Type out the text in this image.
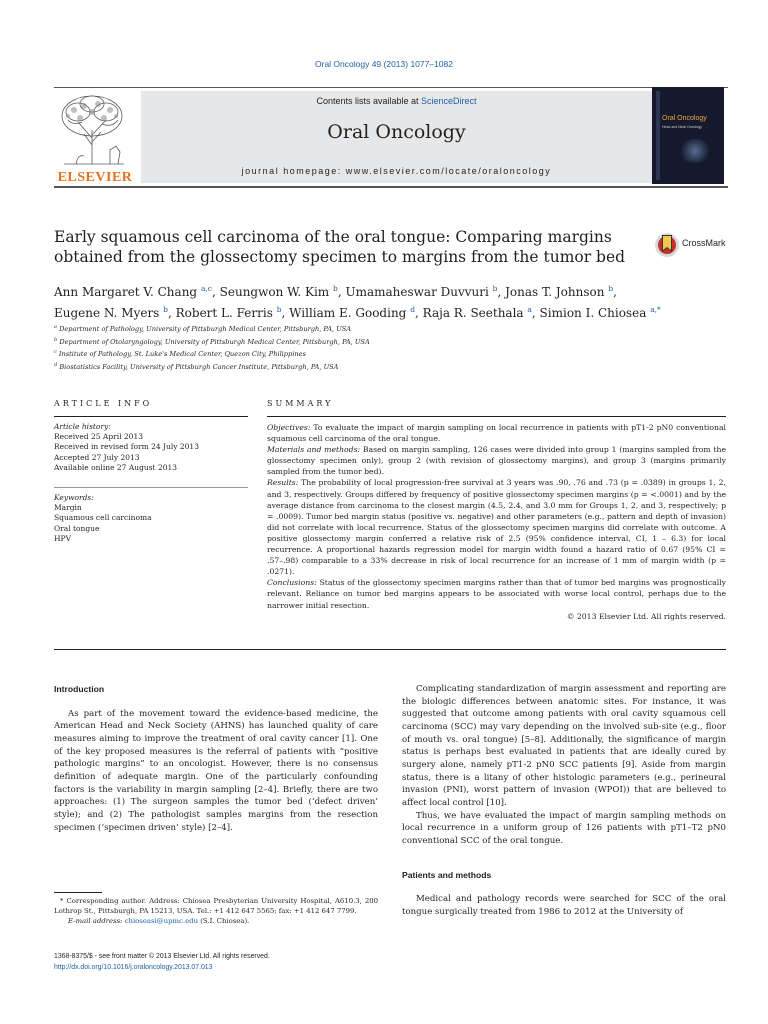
Oral Oncology 49 (2013) 1077–1082
ELSEVIER
Contents lists available at ScienceDirect
Oral Oncology
journal homepage: www.elsevier.com/locate/oraloncology
Oral Oncology
Head and Neck Oncology
Early squamous cell carcinoma of the oral tongue: Comparing margins obtained from the glossectomy specimen to margins from the tumor bed
CrossMark
Ann Margaret V. Chang $^{a,c}$, Seungwon W. Kim $^b$, Umamaheswar Duvvuri $^b$, Jonas T. Johnson $^b$,
Eugene N. Myers $^b$, Robert L. Ferris $^b$, William E. Gooding $^d$, Raja R. Seethala $^a$, Simion I. Chiosea $^{a,*}$
$^a$ Department of Pathology, University of Pittsburgh Medical Center, Pittsburgh, PA, USA
$^b$ Department of Otolaryngology, University of Pittsburgh Medical Center, Pittsburgh, PA, USA
$^c$ Institute of Pathology, St. Luke's Medical Center, Quezon City, Philippines
$^d$ Biostatistics Facility, University of Pittsburgh Cancer Institute, Pittsburgh, PA, USA
ARTICLE INFO
Article history:
Received 25 April 2013
Received in revised form 24 July 2013
Accepted 27 July 2013
Available online 27 August 2013
Keywords:
Margin
Squamous cell carcinoma
Oral tongue
HPV
SUMMARY
Objectives: To evaluate the impact of margin sampling on local recurrence in patients with pT1-2 pN0 conventional squamous cell carcinoma of the oral tongue.
Materials and methods: Based on margin sampling, 126 cases were divided into group 1 (margins sampled from the glossectomy specimen only), group 2 (with revision of glossectomy margins), and group 3 (margins primarily sampled from the tumor bed).
Results: The probability of local progression-free survival at 3 years was .90, .76 and .73 (p = .0389) in groups 1, 2, and 3, respectively. Groups differed by frequency of positive glossectomy specimen margins (p = <.0001) and by the average distance from carcinoma to the closest margin (4.5, 2.4, and 3.0 mm for Groups 1, 2, and 3, respectively; p = .0009). Tumor bed margin status (positive vs. negative) and other parameters (e.g., pattern and depth of invasion) did not correlate with local recurrence. Status of the glossectomy specimen margins did correlate with outcome. A positive glossectomy margin conferred a relative risk of 2.5 (95% confidence interval, CI, 1 – 6.3) for local recurrence. A proportional hazards regression model for margin width found a hazard ratio of 0.67 (95% CI = .57–.98) comparable to a 33% decrease in risk of local recurrence for an increase of 1 mm of margin width (p = .0271).
Conclusions: Status of the glossectomy specimen margins rather than that of tumor bed margins was prognostically relevant. Reliance on tumor bed margins appears to be associated with worse local control, perhaps due to the narrower initial resection.
© 2013 Elsevier Ltd. All rights reserved.

Introduction

As part of the movement toward the evidence-based medicine, the American Head and Neck Society (AHNS) has launched quality of care measures aiming to improve the treatment of oral cavity cancer [1]. One of the key proposed measures is the referral of patients with “positive pathologic margins” to an oncologist. However, there is no consensus definition of adequate margin. One of the particularly confounding factors is the variability in margin sampling [2–4]. Briefly, there are two approaches: (1) The surgeon samples the tumor bed (‘defect driven’ style); and (2) The pathologist samples margins from the resection specimen (‘specimen driven’ style) [2–4].

* Corresponding author. Address: Chiosea Presbyterian University Hospital, A610.3, 200 Lothrop St., Pittsburgh, PA 15213, USA. Tel.: +1 412 647 5565; fax: +1 412 647 7799.
E-mail address: chioseasi@upmc.edu (S.I. Chiosea).

Complicating standardization of margin assessment and reporting are the biologic differences between anatomic sites. For instance, it was suggested that outcome among patients with oral cavity squamous cell carcinoma (SCC) may vary depending on the involved sub-site (e.g., floor of mouth vs. oral tongue) [5–8]. Additionally, the significance of margin status is perhaps best evaluated in patients that are ideally cured by surgery alone, namely pT1-2 pN0 SCC patients [9]. Aside from margin status, there is a litany of other histologic parameters (e.g., perineural invasion (PNI), worst pattern of invasion (WPOI)) that are believed to affect local control [10].

Thus, we have evaluated the impact of margin sampling methods on local recurrence in a uniform group of 126 patients with pT1–T2 pN0 conventional SCC of the oral tongue.

Patients and methods

Medical and pathology records were searched for SCC of the oral tongue surgically treated from 1986 to 2012 at the University of

1368-8375/$ - see front matter © 2013 Elsevier Ltd. All rights reserved.
http://dx.doi.org/10.1016/j.oraloncology.2013.07.013
